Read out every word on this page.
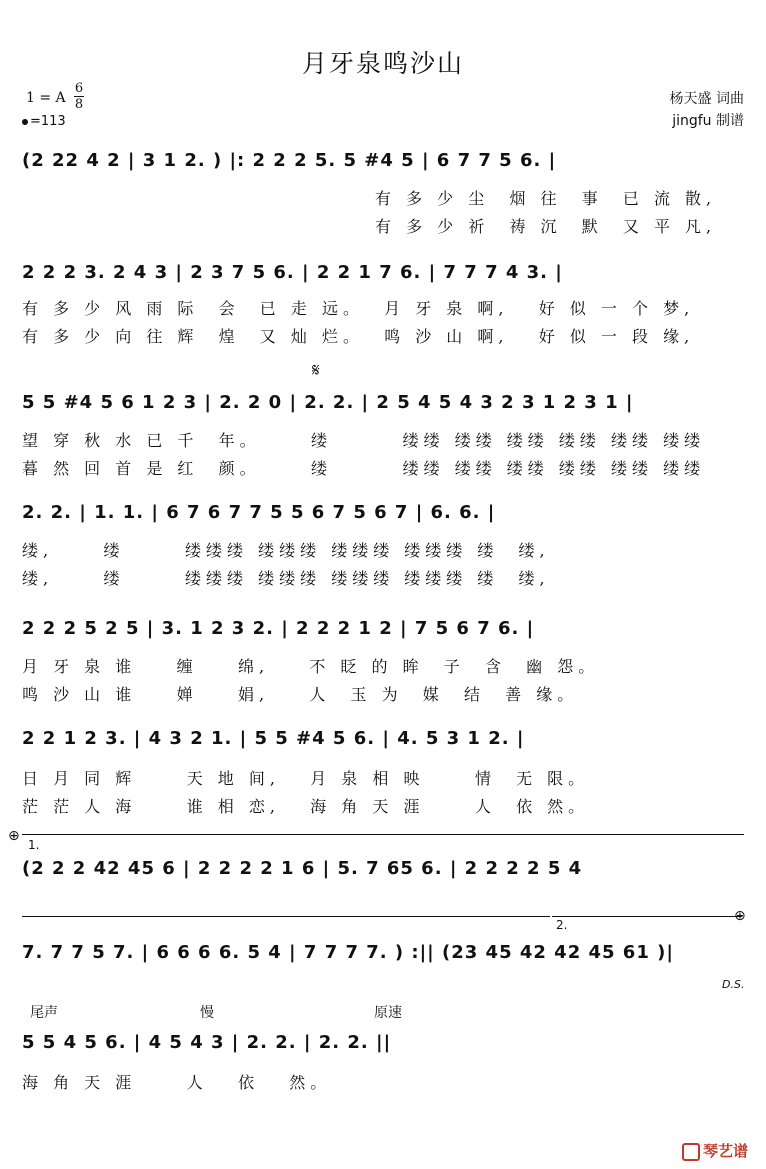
月牙泉鸣沙山
1 = A
6
8
=113
杨天盛 词曲
jingfu 制谱
(2 22 4 2 | 3 1 2. ) |: 2 2 2 5. 5 #4 5 | 6 7 7 5 6. |
有 多 少 尘  烟 往  事  已 流 散,
有 多 少 祈  祷 沉  默  又 平 凡,
2 2 2 3. 2 4 3 | 2 3 7 5 6. | 2 2 1 7 6. | 7 7 7 4 3. |
有 多 少 风 雨 际  会  已 走 远。  月 牙 泉 啊,   好 似 一 个 梦,
有 多 少 向 往 辉  煌  又 灿 烂。  鸣 沙 山 啊,   好 似 一 段 缘,
𝄋
5 5 #4 5 6 1 2 3 | 2. 2 0 | 2. 2. | 2 5 4 5 4 3 2 3 1 2 3 1 |
望 穿 秋 水 已 千  年。     缕       缕缕 缕缕 缕缕 缕缕 缕缕 缕缕
暮 然 回 首 是 红  颜。     缕       缕缕 缕缕 缕缕 缕缕 缕缕 缕缕
2. 2. | 1. 1. | 6 7 6 7 7 5 5 6 7 5 6 7 | 6. 6. |
缕,     缕      缕缕缕 缕缕缕 缕缕缕 缕缕缕 缕  缕,
缕,     缕      缕缕缕 缕缕缕 缕缕缕 缕缕缕 缕  缕,
2 2 2 5 2 5 | 3. 1 2 3 2. | 2 2 2 1 2 | 7 5 6 7 6. |
月 牙 泉 谁    缠    绵,    不 眨 的 眸  子  含  幽 怨。
鸣 沙 山 谁    婵    娟,    人  玉 为  媒  结  善 缘。
2 2 1 2 3. | 4 3 2 1. | 5 5 #4 5 6. | 4. 5 3 1 2. |
日 月 同 辉     天 地 间,   月 泉 相 映     情  无 限。
茫 茫 人 海     谁 相 恋,   海 角 天 涯     人  依 然。
⊕
1.
(2 2 2 42 45 6 | 2 2 2 2 1 6 | 5. 7 65 6. | 2 2 2 2 5 4
2.
⊕
7. 7 7 5 7. | 6 6 6 6. 5 4 | 7 7 7 7. ) :|| (23 45 42 42 45 61 )|
D.S.
尾声	慢	原速
5 5 4 5 6. | 4 5 4 3 | 2. 2. | 2. 2. ||
海 角 天 涯     人   依   然。
琴艺谱
